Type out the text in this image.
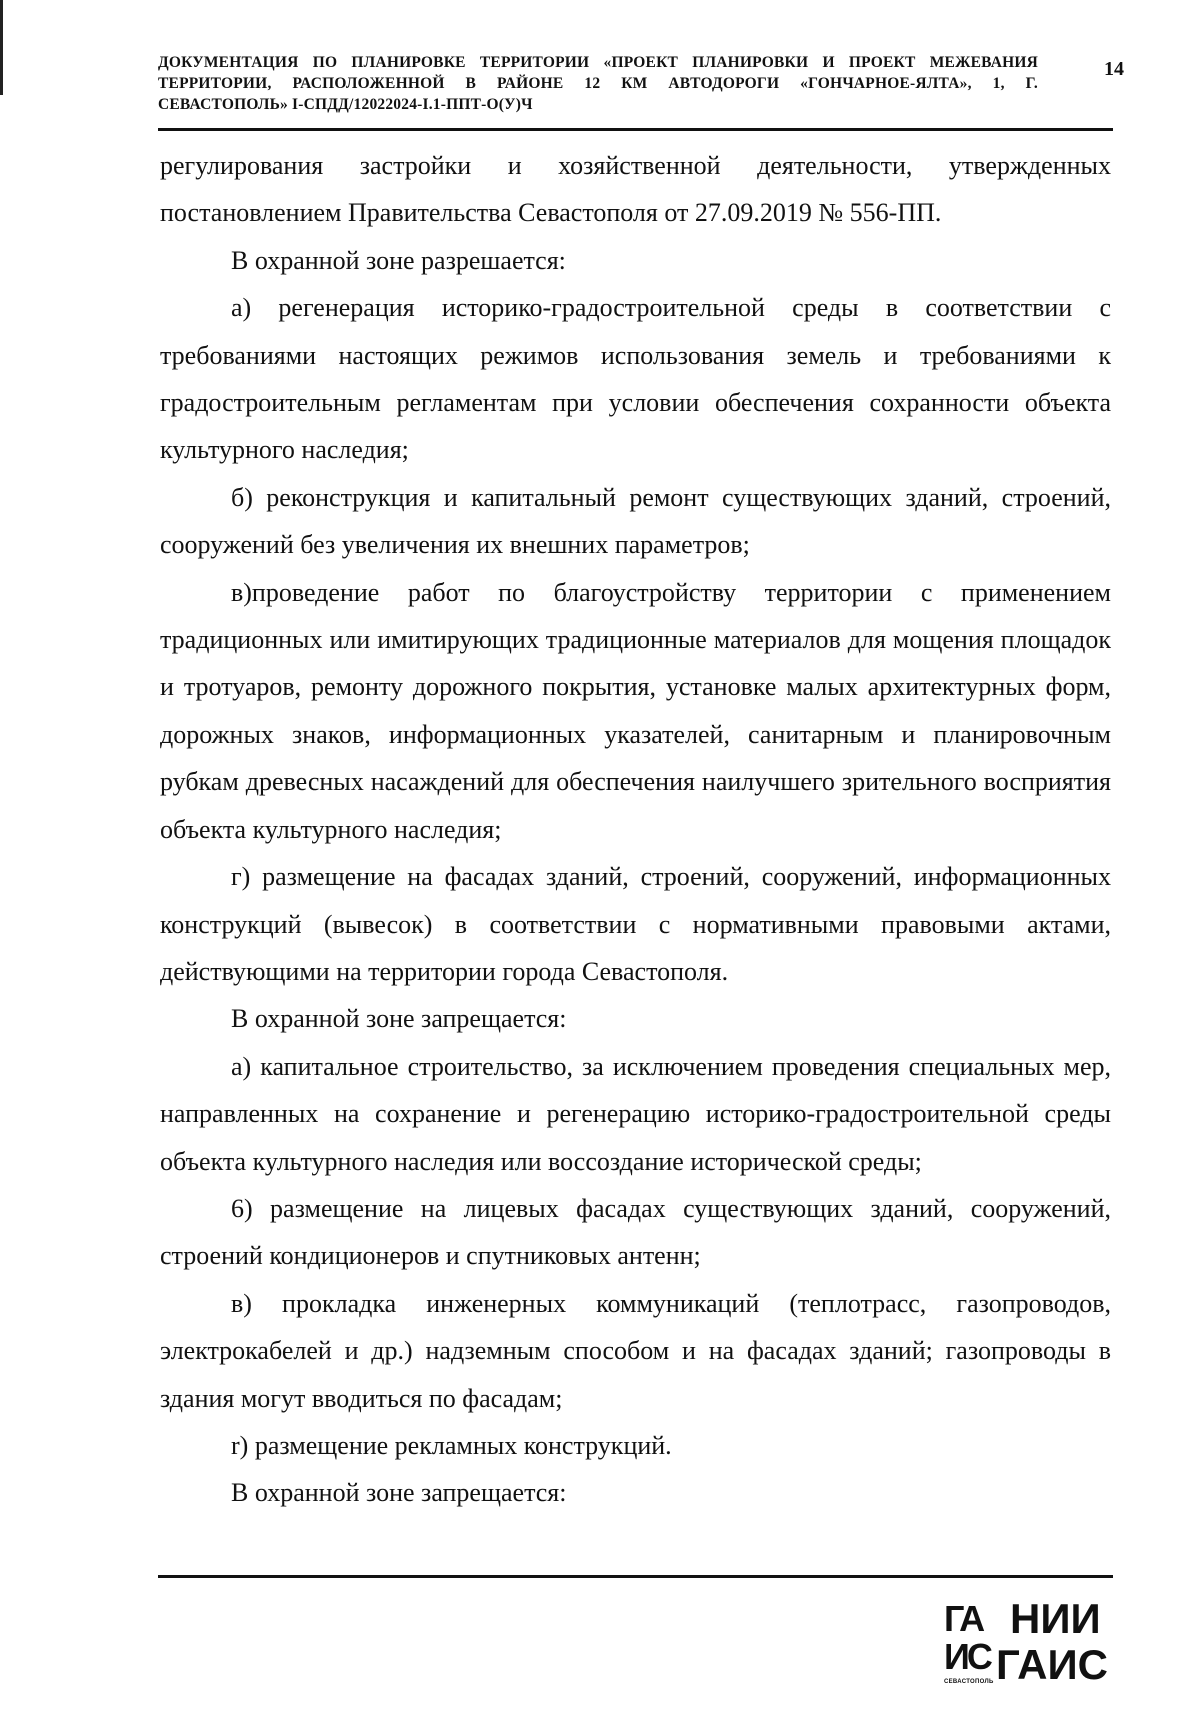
ДОКУМЕНТАЦИЯ ПО ПЛАНИРОВКЕ ТЕРРИТОРИИ «ПРОЕКТ ПЛАНИРОВКИ И ПРОЕКТ МЕЖЕВАНИЯ
ТЕРРИТОРИИ, РАСПОЛОЖЕННОЙ В РАЙОНЕ 12 КМ АВТОДОРОГИ «ГОНЧАРНОЕ-ЯЛТА», 1, Г.
СЕВАСТОПОЛЬ» I-СПДД/12022024-I.1-ППТ-О(У)Ч
14

регулирования застройки и хозяйственной деятельности, утвержденных постановлением Правительства Севастополя от 27.09.2019 № 556-ПП.

В охранной зоне разрешается:

а) регенерация историко-градостроительной среды в соответствии с требованиями настоящих режимов использования земель и требованиями к градостроительным регламентам при условии обеспечения сохранности объекта культурного наследия;

б) реконструкция и капитальный ремонт существующих зданий, строений, сооружений без увеличения их внешних параметров;

в)проведение работ по благоустройству территории с применением традиционных или имитирующих традиционные материалов для мощения площадок и тротуаров, ремонту дорожного покрытия, установке малых архитектурных форм, дорожных знаков, информационных указателей, санитарным и планировочным рубкам древесных насаждений для обеспечения наилучшего зрительного восприятия объекта культурного наследия;

г) размещение на фасадах зданий, строений, сооружений, информационных конструкций (вывесок) в соответствии с нормативными правовыми актами, действующими на территории города Севастополя.

В охранной зоне запрещается:

а) капитальное строительство, за исключением проведения специальных мер, направленных на сохранение и регенерацию историко-градостроительной среды объекта культурного наследия или воссоздание исторической среды;

6) размещение на лицевых фасадах существующих зданий, сооружений, строений кондиционеров и спутниковых антенн;

в) прокладка инженерных коммуникаций (теплотрасс, газопроводов, электрокабелей и др.) надземным способом и на фасадах зданий; газопроводы в здания могут вводиться по фасадам;

r) размещение рекламных конструкций.

В охранной зоне запрещается:

ГА
ИС
СЕВАСТОПОЛЬ
НИИ
ГАИС
